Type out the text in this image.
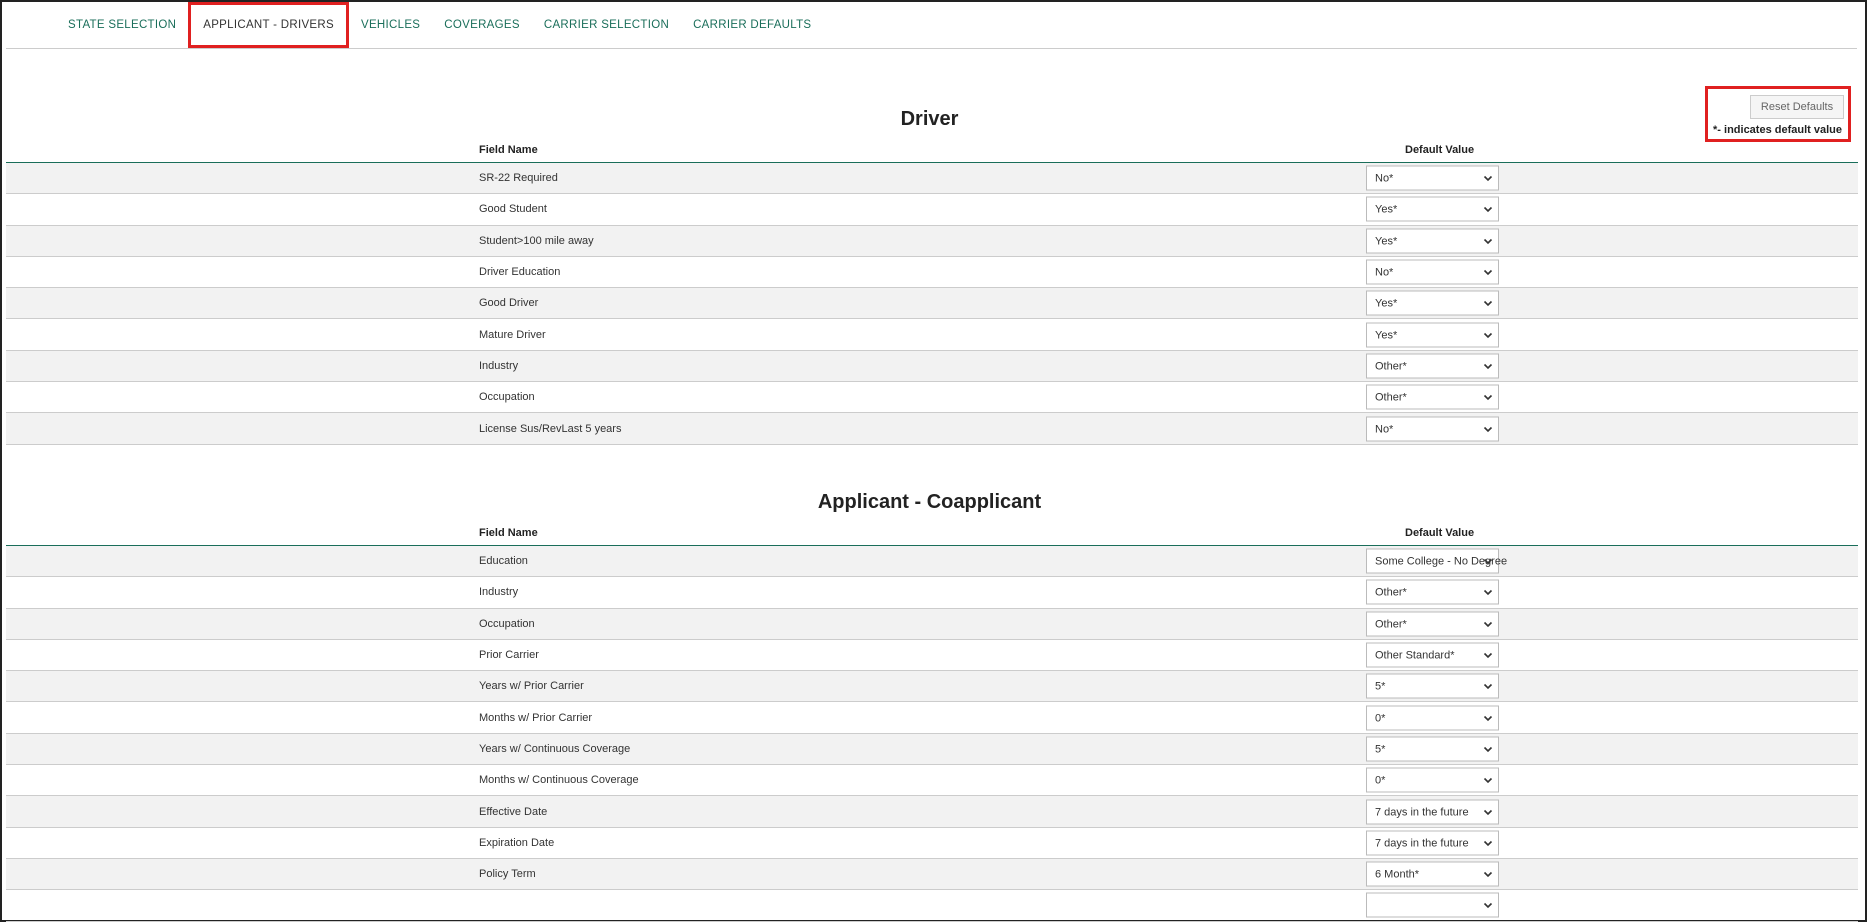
STATE SELECTION	APPLICANT - DRIVERS	VEHICLES	COVERAGES	CARRIER SELECTION	CARRIER DEFAULTS
Reset Defaults
*- indicates default value
Driver
Field Name	Default Value
SR-22 Required	No*
Good Student	Yes*
Student>100 mile away	Yes*
Driver Education	No*
Good Driver	Yes*
Mature Driver	Yes*
Industry	Other*
Occupation	Other*
License Sus/RevLast 5 years	No*
Applicant - Coapplicant
Field Name	Default Value
Education	Some College - No Degree
Industry	Other*
Occupation	Other*
Prior Carrier	Other Standard*
Years w/ Prior Carrier	5*
Months w/ Prior Carrier	0*
Years w/ Continuous Coverage	5*
Months w/ Continuous Coverage	0*
Effective Date	7 days in the future
Expiration Date	7 days in the future
Policy Term	6 Month*
